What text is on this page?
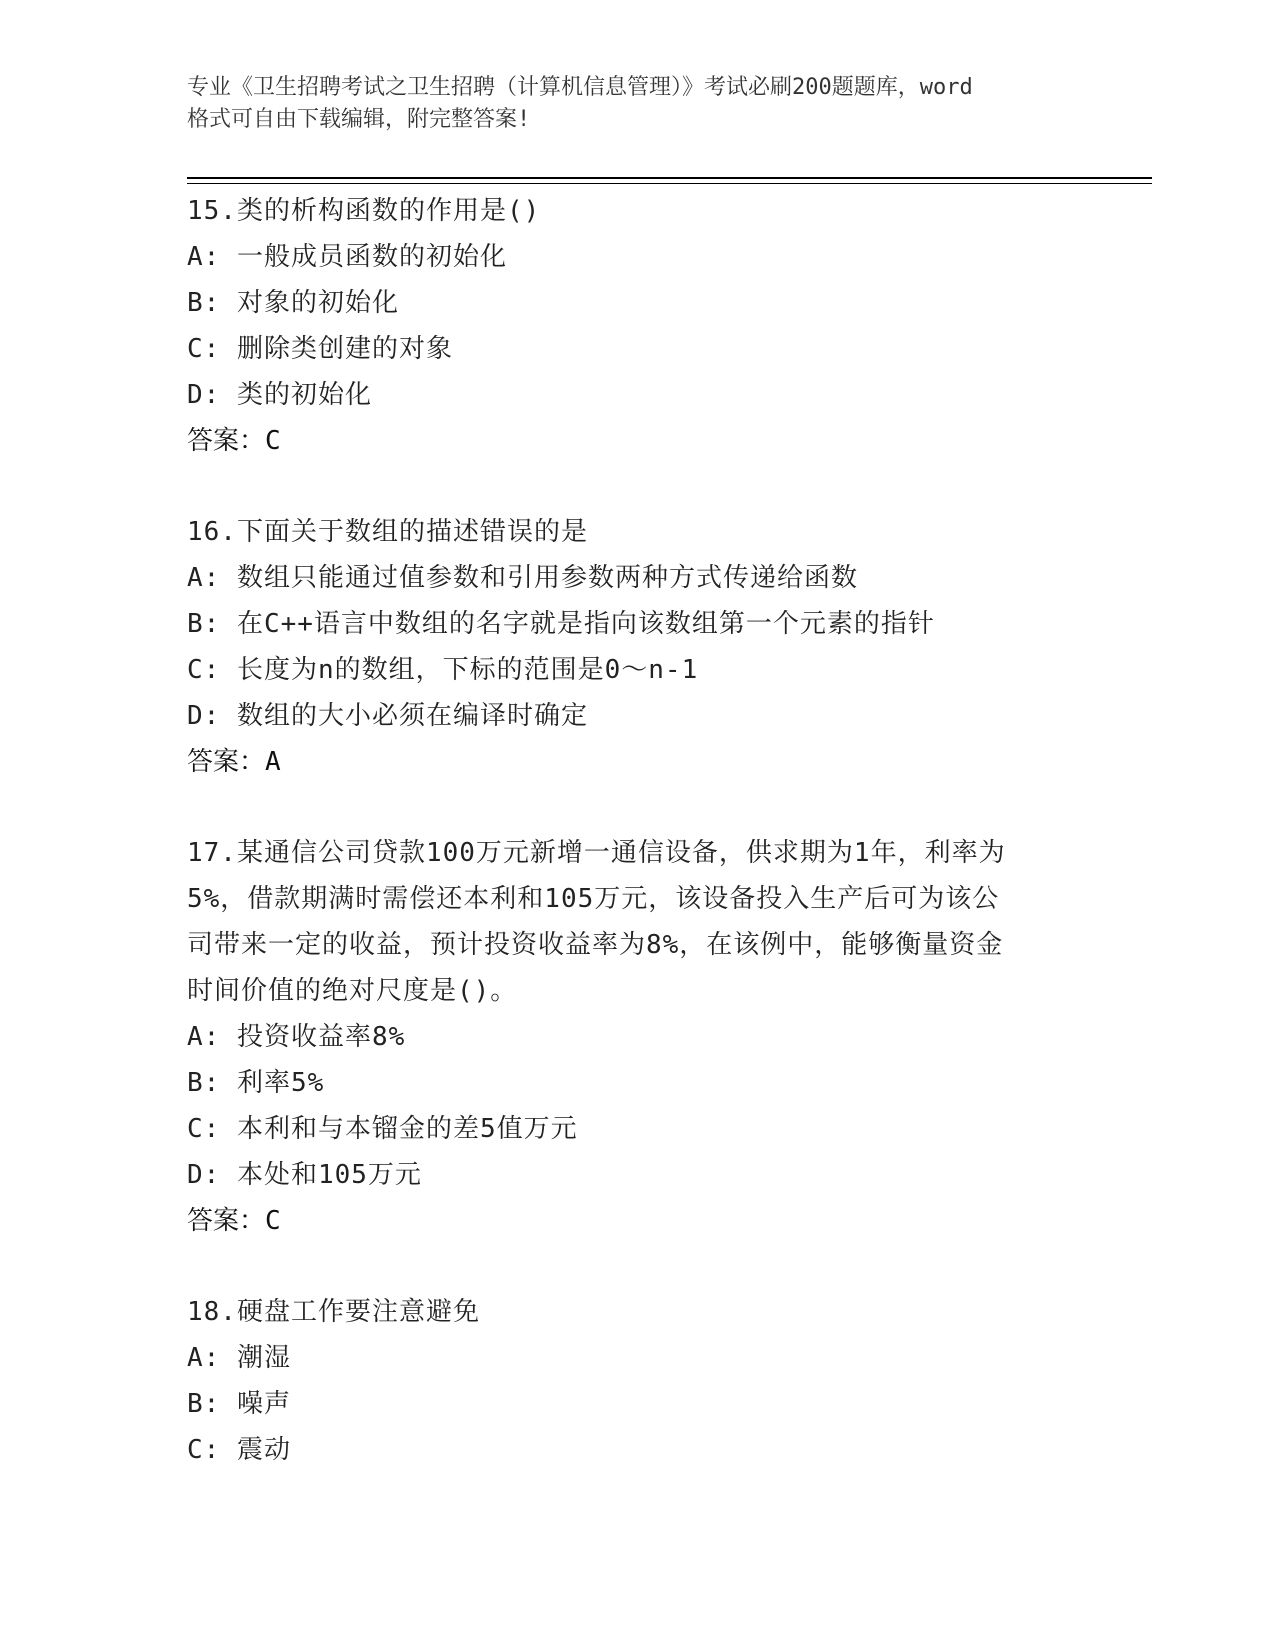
专业《卫生招聘考试之卫生招聘（计算机信息管理）》考试必刷200题题库，word
格式可自由下载编辑，附完整答案!
15.类的析构函数的作用是()
A: 一般成员函数的初始化
B: 对象的初始化
C: 删除类创建的对象
D: 类的初始化
答案：C
16.下面关于数组的描述错误的是
A: 数组只能通过值参数和引用参数两种方式传递给函数
B: 在C++语言中数组的名字就是指向该数组第一个元素的指针
C: 长度为n的数组，下标的范围是0～n-1
D: 数组的大小必须在编译时确定
答案：A
17.某通信公司贷款100万元新增一通信设备，供求期为1年，利率为
5%，借款期满时需偿还本利和105万元，该设备投入生产后可为该公
司带来一定的收益，预计投资收益率为8%，在该例中，能够衡量资金
时间价值的绝对尺度是()。
A: 投资收益率8%
B: 利率5%
C: 本利和与本镏金的差5值万元
D: 本处和105万元
答案：C
18.硬盘工作要注意避免
A: 潮湿
B: 噪声
C: 震动
